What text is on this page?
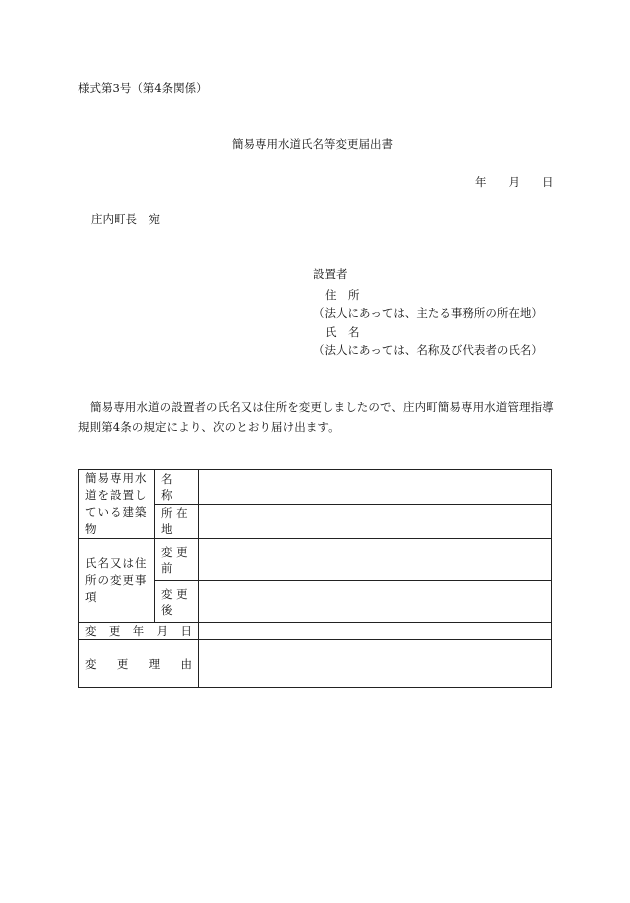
様式第3号（第4条関係）
簡易専用水道氏名等変更届出書
年 月 日
庄内町長　宛
設置者
住　所
（法人にあっては、主たる事務所の所在地）
氏　名
（法人にあっては、名称及び代表者の氏名）
簡易専用水道の設置者の氏名又は住所を変更しましたので、庄内町簡易専用水道管理指導規則第4条の規定により、次のとおり届け出ます。
簡易専用水道を設置している建築物	名　　称	
	所 在 地	
氏名又は住所の変更事項	変 更 前	
	変 更 後	

変 更 年 月 日		

変 更 理 由		
